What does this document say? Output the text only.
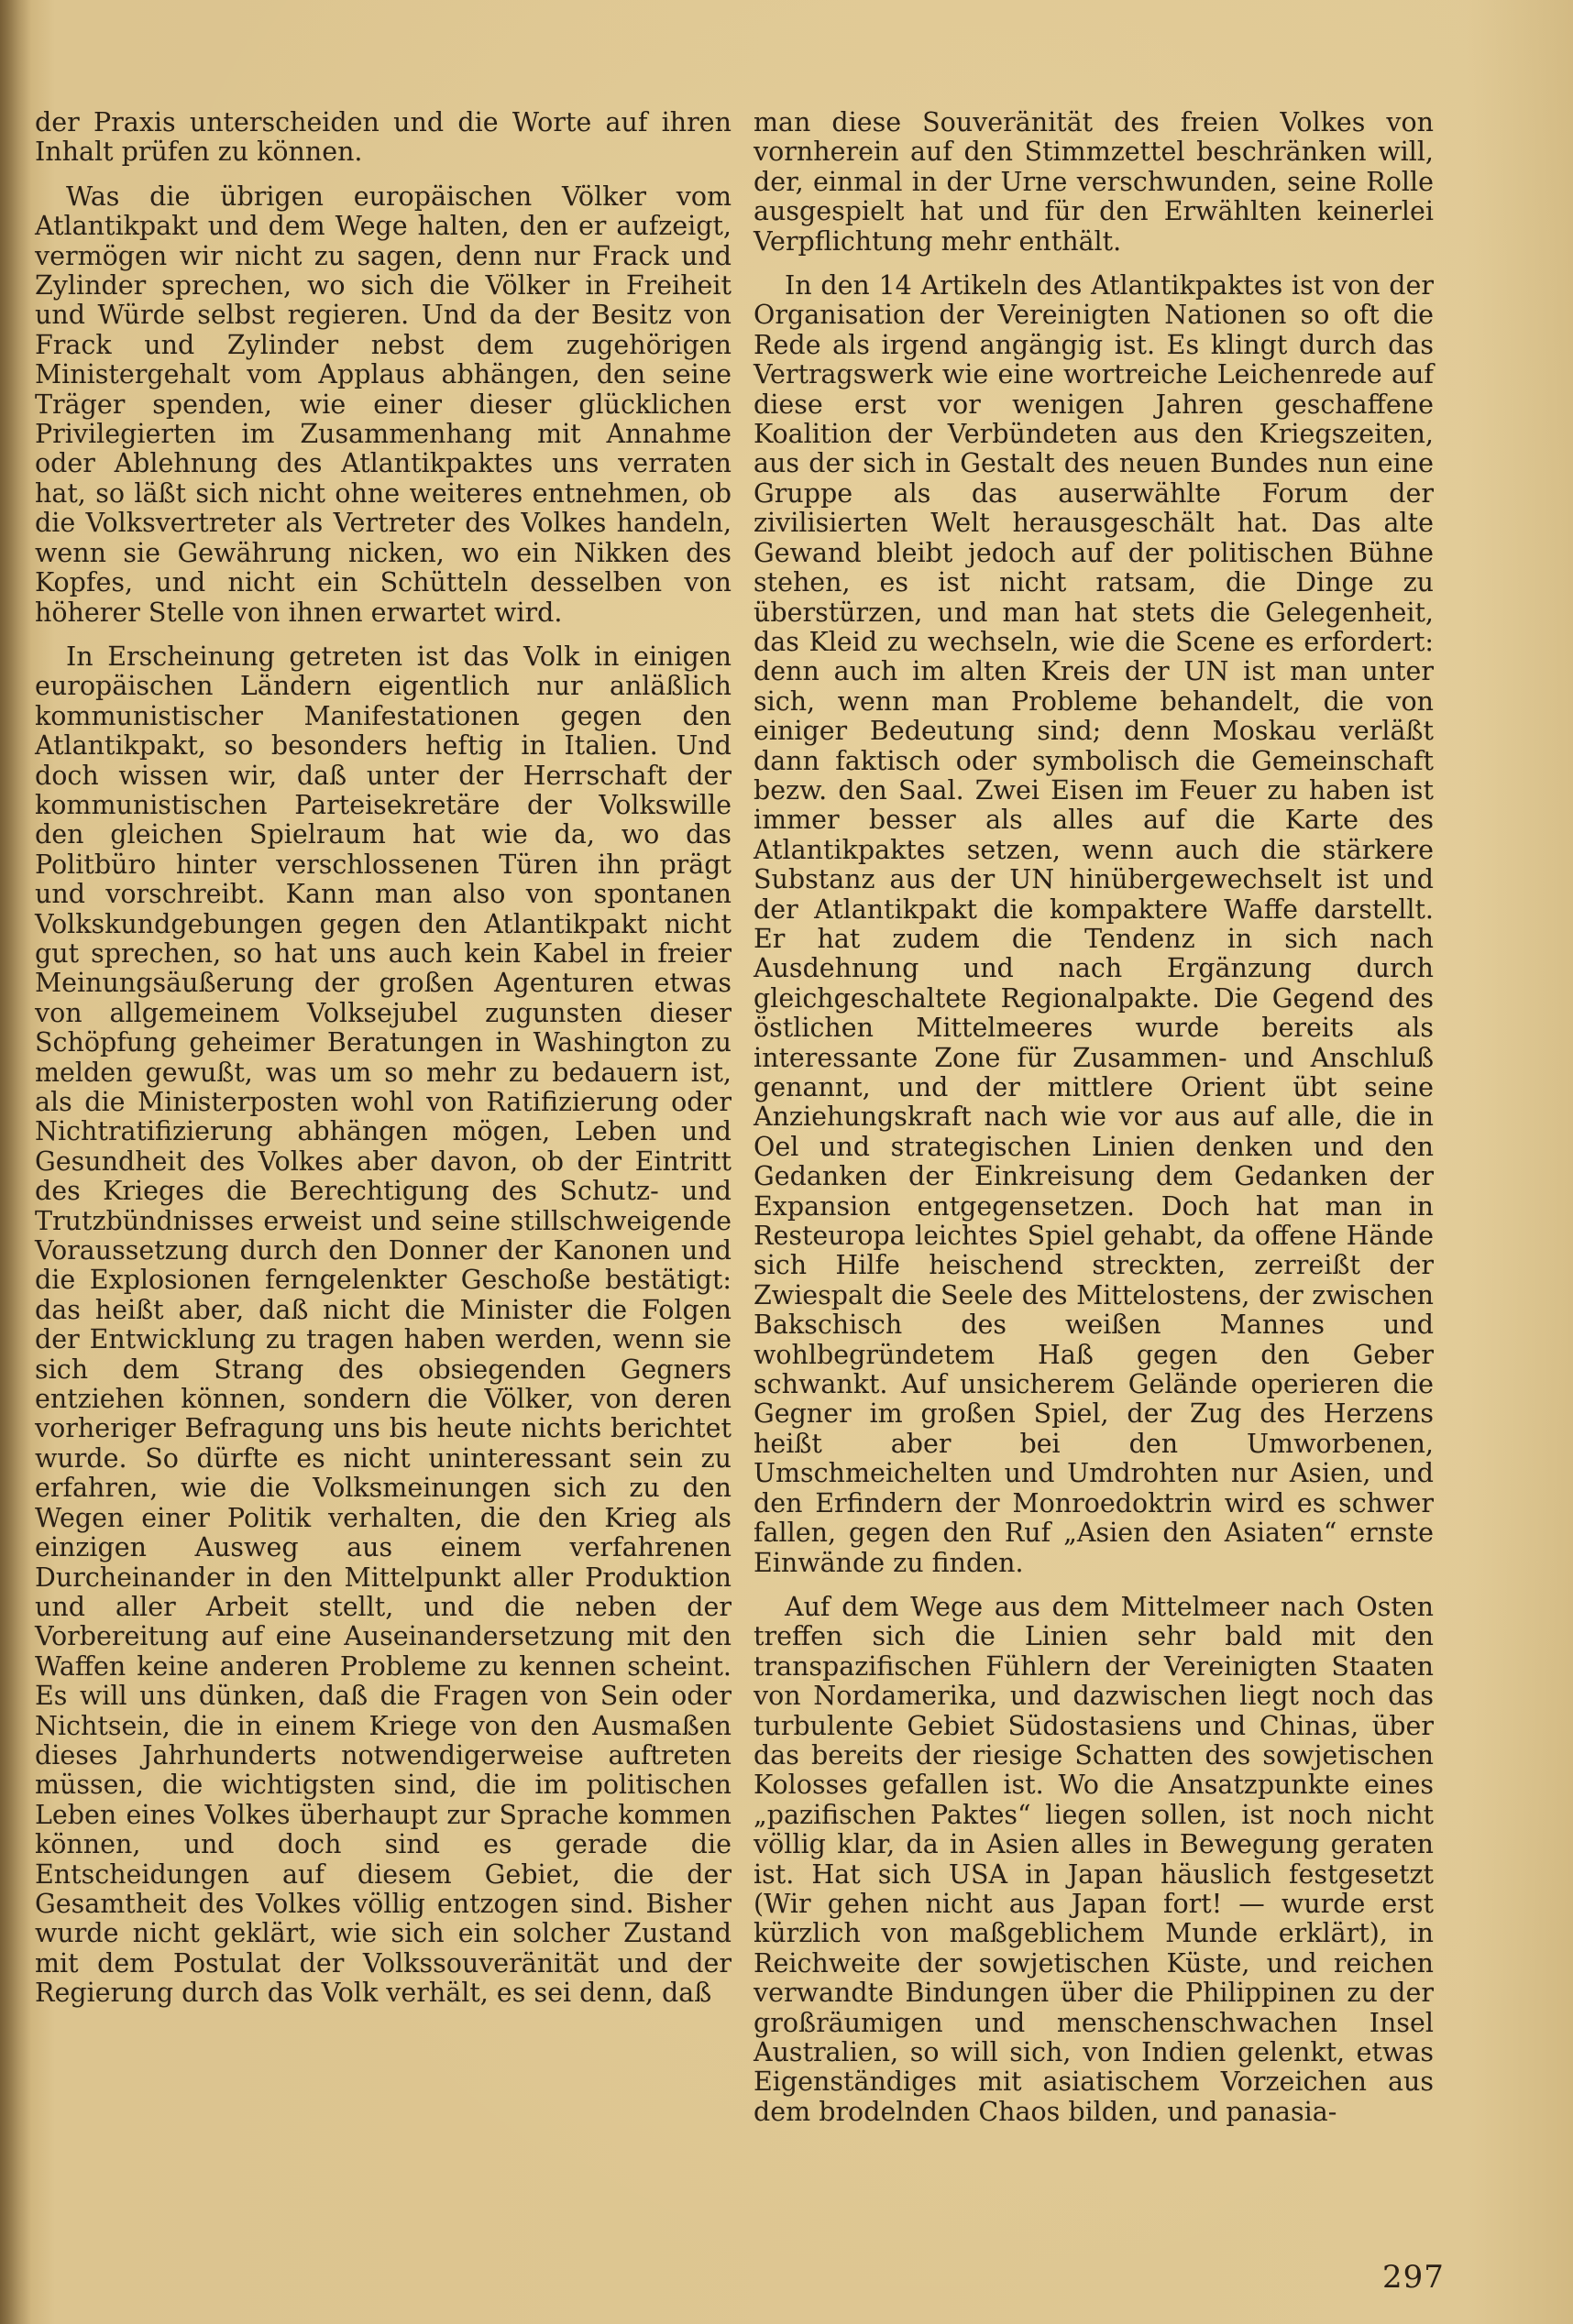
der Praxis unterscheiden und die Worte auf ihren Inhalt prüfen zu können.

Was die übrigen europäischen Völker vom Atlantikpakt und dem Wege halten, den er aufzeigt, vermögen wir nicht zu sagen, denn nur Frack und Zylinder sprechen, wo sich die Völker in Freiheit und Würde selbst regieren. Und da der Besitz von Frack und Zylinder nebst dem zugehörigen Ministergehalt vom Applaus abhängen, den seine Träger spenden, wie einer dieser glücklichen Privilegierten im Zusammenhang mit Annahme oder Ablehnung des Atlantikpaktes uns verraten hat, so läßt sich nicht ohne weiteres entnehmen, ob die Volksvertreter als Vertreter des Volkes handeln, wenn sie Gewährung nicken, wo ein Nikken des Kopfes, und nicht ein Schütteln desselben von höherer Stelle von ihnen erwartet wird.

In Erscheinung getreten ist das Volk in einigen europäischen Ländern eigentlich nur anläßlich kommunistischer Manifestationen gegen den Atlantikpakt, so besonders heftig in Italien. Und doch wissen wir, daß unter der Herrschaft der kommunistischen Parteisekretäre der Volkswille den gleichen Spielraum hat wie da, wo das Politbüro hinter verschlossenen Türen ihn prägt und vorschreibt. Kann man also von spontanen Volkskundgebungen gegen den Atlantikpakt nicht gut sprechen, so hat uns auch kein Kabel in freier Meinungsäußerung der großen Agenturen etwas von allgemeinem Volksejubel zugunsten dieser Schöpfung geheimer Beratungen in Washington zu melden gewußt, was um so mehr zu bedauern ist, als die Ministerposten wohl von Ratifizierung oder Nichtratifizierung abhängen mögen, Leben und Gesundheit des Volkes aber davon, ob der Eintritt des Krieges die Berechtigung des Schutz- und Trutzbündnisses erweist und seine stillschweigende Voraussetzung durch den Donner der Kanonen und die Explosionen ferngelenkter Geschoße bestätigt: das heißt aber, daß nicht die Minister die Folgen der Entwicklung zu tragen haben werden, wenn sie sich dem Strang des obsiegenden Gegners entziehen können, sondern die Völker, von deren vorheriger Befragung uns bis heute nichts berichtet wurde. So dürfte es nicht uninteressant sein zu erfahren, wie die Volksmeinungen sich zu den Wegen einer Politik verhalten, die den Krieg als einzigen Ausweg aus einem verfahrenen Durcheinander in den Mittelpunkt aller Produktion und aller Arbeit stellt, und die neben der Vorbereitung auf eine Auseinandersetzung mit den Waffen keine anderen Probleme zu kennen scheint. Es will uns dünken, daß die Fragen von Sein oder Nichtsein, die in einem Kriege von den Ausmaßen dieses Jahrhunderts notwendigerweise auftreten müssen, die wichtigsten sind, die im politischen Leben eines Volkes überhaupt zur Sprache kommen können, und doch sind es gerade die Entscheidungen auf diesem Gebiet, die der Gesamtheit des Volkes völlig entzogen sind. Bisher wurde nicht geklärt, wie sich ein solcher Zustand mit dem Postulat der Volkssouveränität und der Regierung durch das Volk verhält, es sei denn, daß

man diese Souveränität des freien Volkes von vornherein auf den Stimmzettel beschränken will, der, einmal in der Urne verschwunden, seine Rolle ausgespielt hat und für den Erwählten keinerlei Verpflichtung mehr enthält.

In den 14 Artikeln des Atlantikpaktes ist von der Organisation der Vereinigten Nationen so oft die Rede als irgend angängig ist. Es klingt durch das Vertragswerk wie eine wortreiche Leichenrede auf diese erst vor wenigen Jahren geschaffene Koalition der Verbündeten aus den Kriegszeiten, aus der sich in Gestalt des neuen Bundes nun eine Gruppe als das auserwählte Forum der zivilisierten Welt herausgeschält hat. Das alte Gewand bleibt jedoch auf der politischen Bühne stehen, es ist nicht ratsam, die Dinge zu überstürzen, und man hat stets die Gelegenheit, das Kleid zu wechseln, wie die Scene es erfordert: denn auch im alten Kreis der UN ist man unter sich, wenn man Probleme behandelt, die von einiger Bedeutung sind; denn Moskau verläßt dann faktisch oder symbolisch die Gemeinschaft bezw. den Saal. Zwei Eisen im Feuer zu haben ist immer besser als alles auf die Karte des Atlantikpaktes setzen, wenn auch die stärkere Substanz aus der UN hinübergewechselt ist und der Atlantikpakt die kompaktere Waffe darstellt. Er hat zudem die Tendenz in sich nach Ausdehnung und nach Ergänzung durch gleichgeschaltete Regionalpakte. Die Gegend des östlichen Mittelmeeres wurde bereits als interessante Zone für Zusammen- und Anschluß genannt, und der mittlere Orient übt seine Anziehungskraft nach wie vor aus auf alle, die in Oel und strategischen Linien denken und den Gedanken der Einkreisung dem Gedanken der Expansion entgegensetzen. Doch hat man in Resteuropa leichtes Spiel gehabt, da offene Hände sich Hilfe heischend streckten, zerreißt der Zwiespalt die Seele des Mittelostens, der zwischen Bakschisch des weißen Mannes und wohlbegründetem Haß gegen den Geber schwankt. Auf unsicherem Gelände operieren die Gegner im großen Spiel, der Zug des Herzens heißt aber bei den Umworbenen, Umschmeichelten und Umdrohten nur Asien, und den Erfindern der Monroedoktrin wird es schwer fallen, gegen den Ruf „Asien den Asiaten“ ernste Einwände zu finden.

Auf dem Wege aus dem Mittelmeer nach Osten treffen sich die Linien sehr bald mit den transpazifischen Fühlern der Vereinigten Staaten von Nordamerika, und dazwischen liegt noch das turbulente Gebiet Südostasiens und Chinas, über das bereits der riesige Schatten des sowjetischen Kolosses gefallen ist. Wo die Ansatzpunkte eines „pazifischen Paktes“ liegen sollen, ist noch nicht völlig klar, da in Asien alles in Bewegung geraten ist. Hat sich USA in Japan häuslich festgesetzt (Wir gehen nicht aus Japan fort! — wurde erst kürzlich von maßgeblichem Munde erklärt), in Reichweite der sowjetischen Küste, und reichen verwandte Bindungen über die Philippinen zu der großräumigen und menschenschwachen Insel Australien, so will sich, von Indien gelenkt, etwas Eigenständiges mit asiatischem Vorzeichen aus dem brodelnden Chaos bilden, und panasia-

297
